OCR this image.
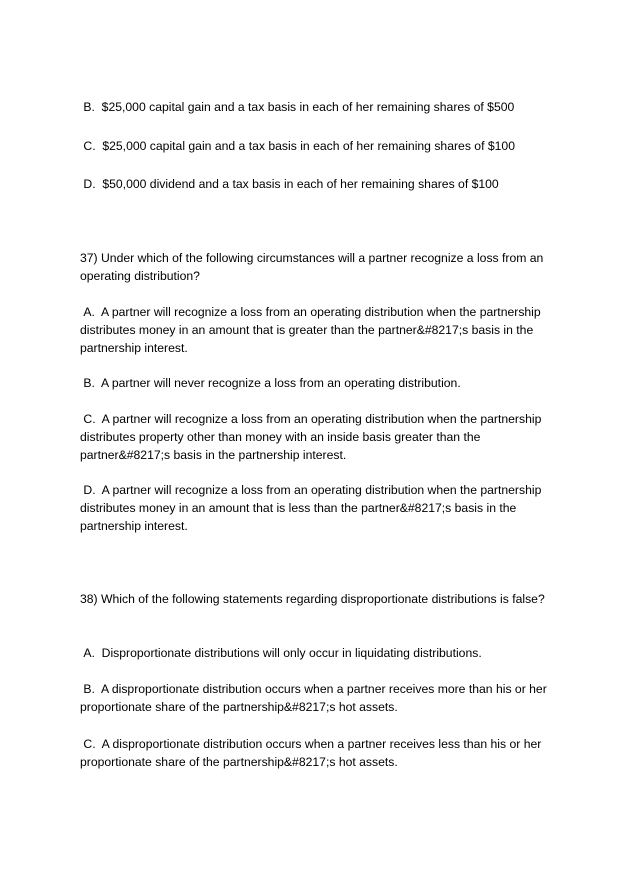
B.  $25,000 capital gain and a tax basis in each of her remaining shares of $500
C.  $25,000 capital gain and a tax basis in each of her remaining shares of $100
D.  $50,000 dividend and a tax basis in each of her remaining shares of $100
37) Under which of the following circumstances will a partner recognize a loss from an operating distribution?
A.  A partner will recognize a loss from an operating distribution when the partnership distributes money in an amount that is greater than the partner&#8217;s basis in the partnership interest.
B.  A partner will never recognize a loss from an operating distribution.
C.  A partner will recognize a loss from an operating distribution when the partnership distributes property other than money with an inside basis greater than the partner&#8217;s basis in the partnership interest.
D.  A partner will recognize a loss from an operating distribution when the partnership distributes money in an amount that is less than the partner&#8217;s basis in the partnership interest.
38) Which of the following statements regarding disproportionate distributions is false?
A.  Disproportionate distributions will only occur in liquidating distributions.
B.  A disproportionate distribution occurs when a partner receives more than his or her proportionate share of the partnership&#8217;s hot assets.
C.  A disproportionate distribution occurs when a partner receives less than his or her proportionate share of the partnership&#8217;s hot assets.
